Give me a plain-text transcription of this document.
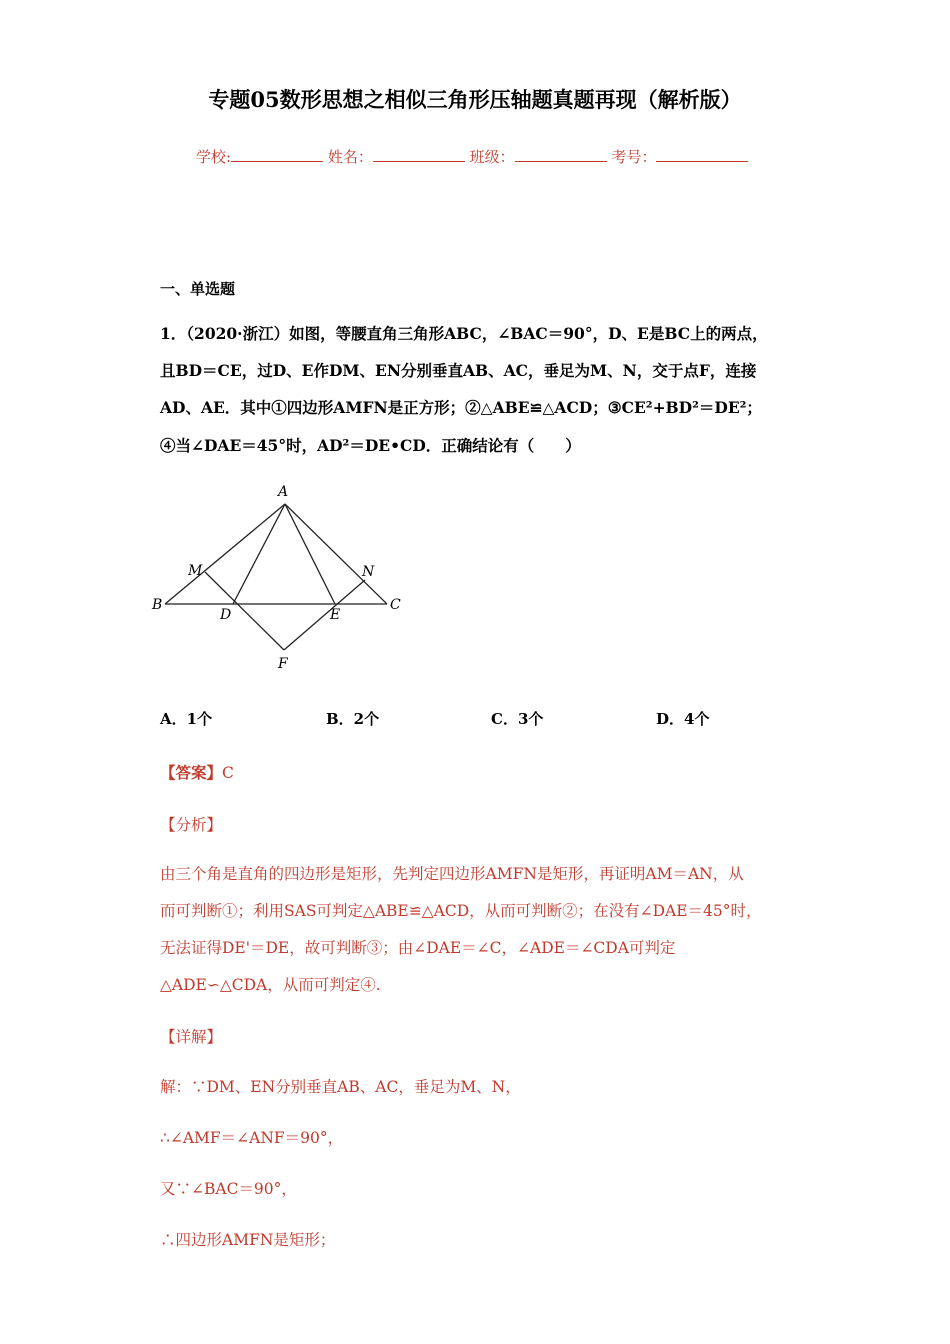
专题05数形思想之相似三角形压轴题真题再现（解析版）
学校:	姓名：	班级：	考号：
一、单选题
1．（2020·浙江）如图，等腰直角三角形ABC，∠BAC＝90°，D、E是BC上的两点，
且BD＝CE，过D、E作DM、EN分别垂直AB、AC，垂足为M、N，交于点F，连接
AD、AE．其中①四边形AMFN是正方形；②△ABE≌△ACD；③CE²+BD²＝DE²；
④当∠DAE＝45°时，AD²＝DE•CD．正确结论有（　　）
A
B	C
D	E
F
M	N
A．1个	B．2个	C．3个	D．4个
【答案】C
【分析】
由三个角是直角的四边形是矩形，先判定四边形AMFN是矩形，再证明AM＝AN，从
而可判断①；利用SAS可判定△ABE≌△ACD，从而可判断②；在没有∠DAE＝45°时，
无法证得DE'＝DE，故可判断③；由∠DAE＝∠C，∠ADE＝∠CDA可判定
△ADE∽△CDA，从而可判定④.
【详解】
解：∵DM、EN分别垂直AB、AC，垂足为M、N，
∴∠AMF＝∠ANF＝90°，
又∵∠BAC＝90°，
∴四边形AMFN是矩形；
